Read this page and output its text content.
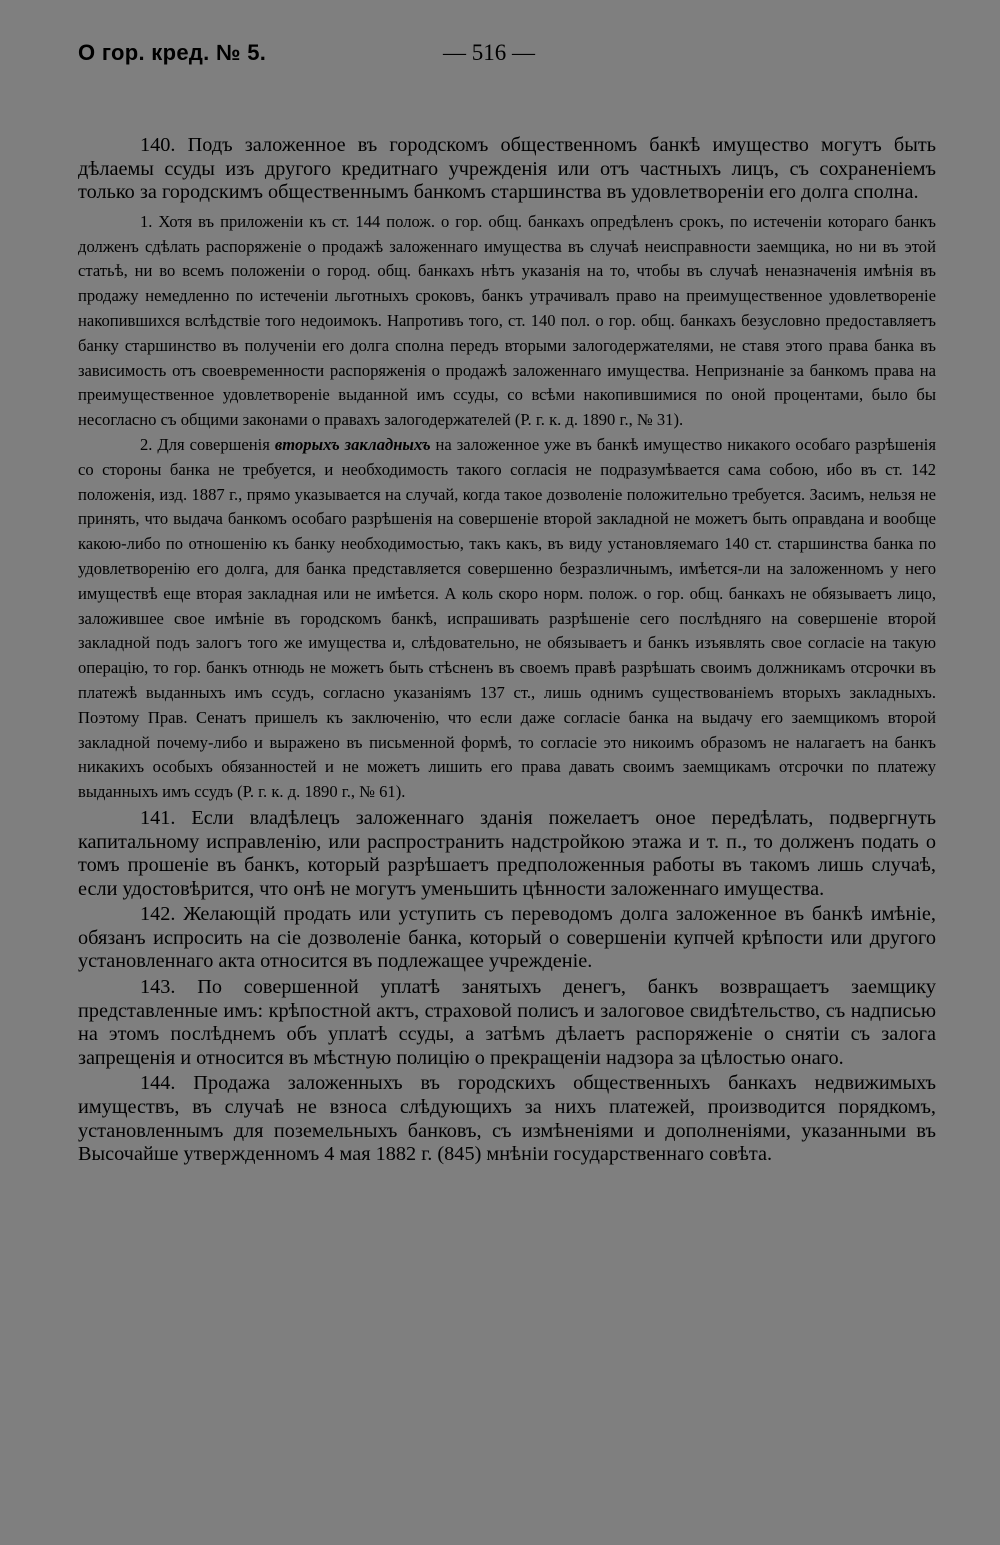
О гор. кред. № 5.	— 516 —

140. Подъ заложенное въ городскомъ общественномъ банкѣ имущество могутъ быть дѣлаемы ссуды изъ другого кредитнаго учрежденія или отъ частныхъ лицъ, съ сохраненіемъ только за городскимъ общественнымъ банкомъ старшинства въ удовлетвореніи его долга сполна.

1. Хотя въ приложеніи къ ст. 144 полож. о гор. общ. банкахъ опредѣленъ срокъ, по истеченіи котораго банкъ долженъ сдѣлать распоряженіе о продажѣ заложеннаго имущества въ случаѣ неисправности заемщика, но ни въ этой статьѣ, ни во всемъ положеніи о город. общ. банкахъ нѣтъ указанія на то, чтобы въ случаѣ неназначенія имѣнія въ продажу немедленно по истеченіи льготныхъ сроковъ, банкъ утрачивалъ право на преимущественное удовлетвореніе накопившихся вслѣдствіе того недоимокъ. Напротивъ того, ст. 140 пол. о гор. общ. банкахъ безусловно предоставляетъ банку старшинство въ полученіи его долга сполна передъ вторыми залогодержателями, не ставя этого права банка въ зависимость отъ своевременности распоряженія о продажѣ заложеннаго имущества. Непризнаніе за банкомъ права на преимущественное удовлетвореніе выданной имъ ссуды, со всѣми накопившимися по оной процентами, было бы несогласно съ общими законами о правахъ залогодержателей (Р. г. к. д. 1890 г., № 31).

2. Для совершенія вторыхъ закладныхъ на заложенное уже въ банкѣ имущество никакого особаго разрѣшенія со стороны банка не требуется, и необходимость такого согласія не подразумѣвается сама собою, ибо въ ст. 142 положенія, изд. 1887 г., прямо указывается на случай, когда такое дозволеніе положительно требуется. Засимъ, нельзя не принять, что выдача банкомъ особаго разрѣшенія на совершеніе второй закладной не можетъ быть оправдана и вообще какою-либо по отношенію къ банку необходимостью, такъ какъ, въ виду установляемаго 140 ст. старшинства банка по удовлетворенію его долга, для банка представляется совершенно безразличнымъ, имѣется-ли на заложенномъ у него имуществѣ еще вторая закладная или не имѣется. А коль скоро норм. полож. о гор. общ. банкахъ не обязываетъ лицо, заложившее свое имѣніе въ городскомъ банкѣ, испрашивать разрѣшеніе сего послѣдняго на совершеніе второй закладной подъ залогъ того же имущества и, слѣдовательно, не обязываетъ и банкъ изъявлять свое согласіе на такую операцію, то гор. банкъ отнюдь не можетъ быть стѣсненъ въ своемъ правѣ разрѣшать своимъ должникамъ отсрочки въ платежѣ выданныхъ имъ ссудъ, согласно указаніямъ 137 ст., лишь однимъ существованіемъ вторыхъ закладныхъ. Поэтому Прав. Сенатъ пришелъ къ заключенію, что если даже согласіе банка на выдачу его заемщикомъ второй закладной почему-либо и выражено въ письменной формѣ, то согласіе это никоимъ образомъ не налагаетъ на банкъ никакихъ особыхъ обязанностей и не можетъ лишить его права давать своимъ заемщикамъ отсрочки по платежу выданныхъ имъ ссудъ (Р. г. к. д. 1890 г., № 61).

141. Если владѣлецъ заложеннаго зданія пожелаетъ оное передѣлать, подвергнуть капитальному исправленію, или распространить надстройкою этажа и т. п., то долженъ подать о томъ прошеніе въ банкъ, который разрѣшаетъ предположенныя работы въ такомъ лишь случаѣ, если удостовѣрится, что онѣ не могутъ уменьшить цѣнности заложеннаго имущества.

142. Желающій продать или уступить съ переводомъ долга заложенное въ банкѣ имѣніе, обязанъ испросить на сіе дозволеніе банка, который о совершеніи купчей крѣпости или другого установленнаго акта относится въ подлежащее учрежденіе.

143. По совершенной уплатѣ занятыхъ денегъ, банкъ возвращаетъ заемщику представленные имъ: крѣпостной актъ, страховой полисъ и залоговое свидѣтельство, съ надписью на этомъ послѣднемъ объ уплатѣ ссуды, а затѣмъ дѣлаетъ распоряженіе о снятіи съ залога запрещенія и относится въ мѣстную полицію о прекращеніи надзора за цѣлостью онаго.

144. Продажа заложенныхъ въ городскихъ общественныхъ банкахъ недвижимыхъ имуществъ, въ случаѣ не взноса слѣдующихъ за нихъ платежей, производится порядкомъ, установленнымъ для поземельныхъ банковъ, съ измѣненіями и дополненіями, указанными въ Высочайше утвержденномъ 4 мая 1882 г. (845) мнѣніи государственнаго совѣта.
